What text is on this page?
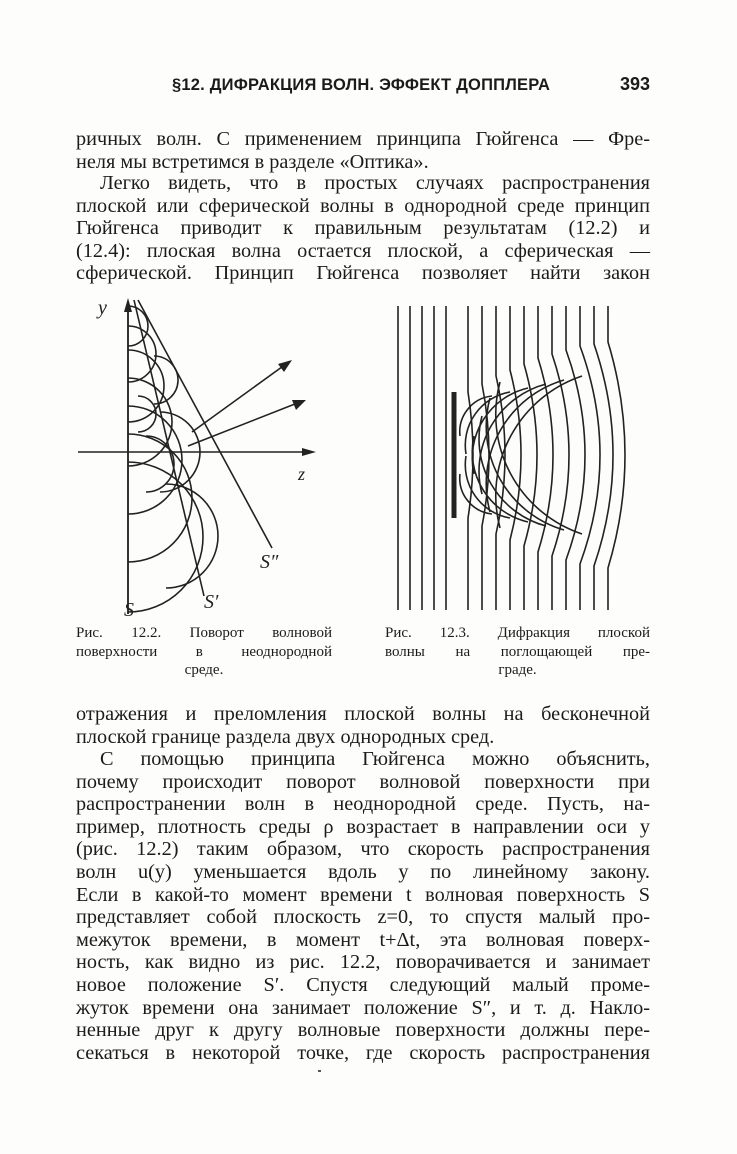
§12. ДИФРАКЦИЯ ВОЛН. ЭФФЕКТ ДОППЛЕРА	393
ричных волн. С применением принципа Гюйгенса — Фре-
неля мы встретимся в разделе «Оптика».
Легко видеть, что в простых случаях распространения
плоской или сферической волны в однородной среде принцип
Гюйгенса приводит к правильным результатам (12.2) и
(12.4): плоская волна остается плоской, а сферическая —
сферической. Принцип Гюйгенса позволяет найти закон
y
z
S	S′
S″
Рис. 12.2. Поворот волновой
поверхности в неоднородной
среде.
Рис. 12.3. Дифракция плоской
волны на поглощающей пре-
граде.
отражения и преломления плоской волны на бесконечной
плоской границе раздела двух однородных сред.
С помощью принципа Гюйгенса можно объяснить,
почему происходит поворот волновой поверхности при
распространении волн в неоднородной среде. Пусть, на-
пример, плотность среды ρ возрастает в направлении оси y
(рис. 12.2) таким образом, что скорость распространения
волн u(y) уменьшается вдоль y по линейному закону.
Если в какой-то момент времени t волновая поверхность S
представляет собой плоскость z=0, то спустя малый про-
межуток времени, в момент t+Δt, эта волновая поверх-
ность, как видно из рис. 12.2, поворачивается и занимает
новое положение S′. Спустя следующий малый проме-
жуток времени она занимает положение S″, и т. д. Накло-
ненные друг к другу волновые поверхности должны пере-
секаться в некоторой точке, где скорость распространения
